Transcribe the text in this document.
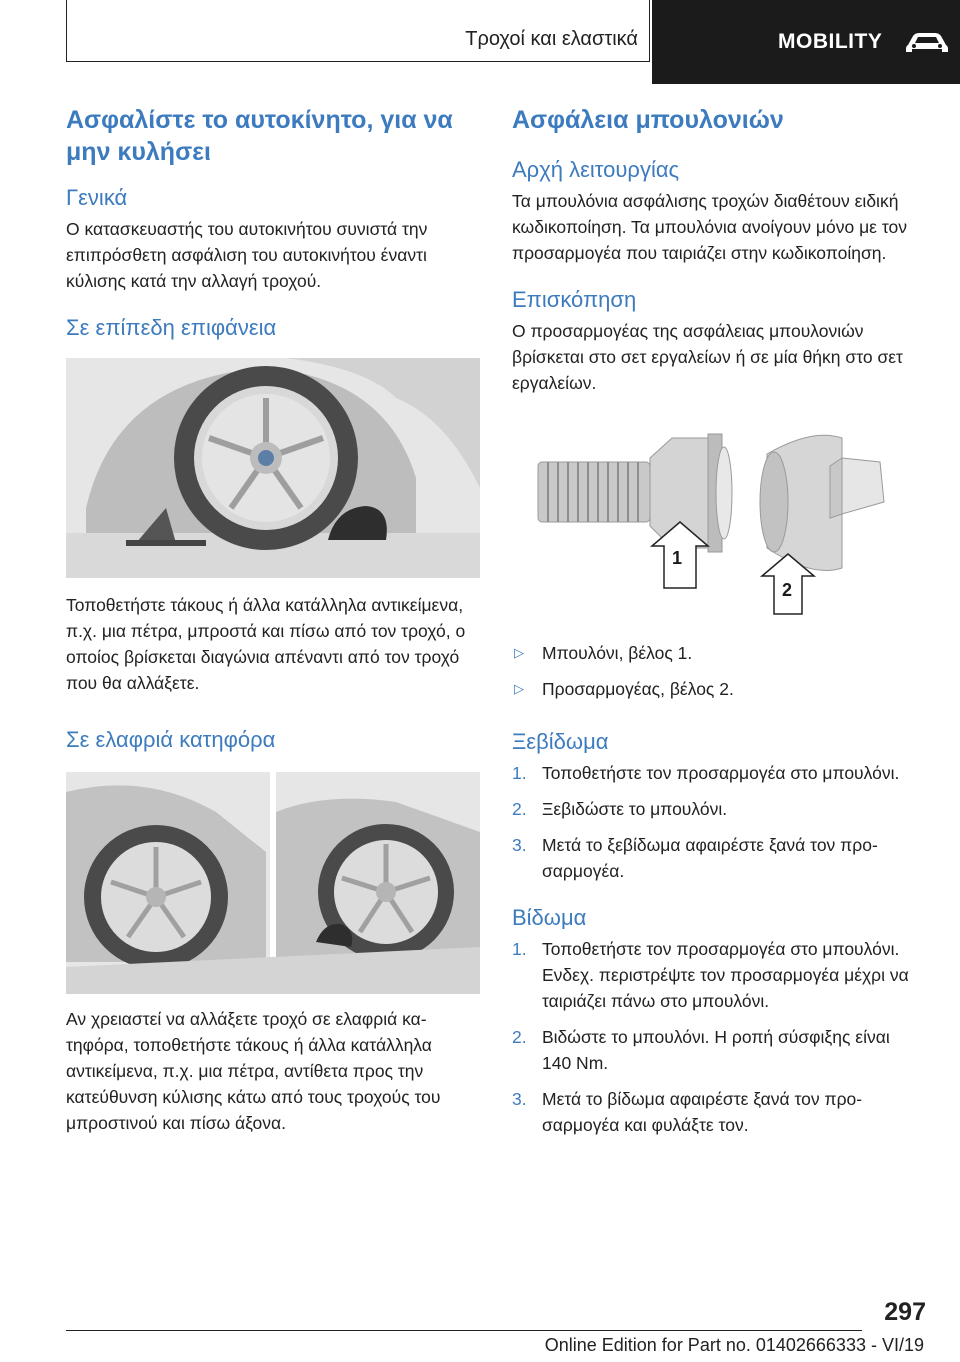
Τροχοί και ελαστικά	MOBILITY
Ασφαλίστε το αυτοκίνητο, για να μην κυλήσει
Γενικά

Ο κατασκευαστής του αυτοκινήτου συνιστά την επιπρόσθετη ασφάλιση του αυτοκινήτου έναντι κύλισης κατά την αλλαγή τροχού.

Σε επίπεδη επιφάνεια

Τοποθετήστε τάκους ή άλλα κατάλληλα αντικείμενα, π.χ. μια πέτρα, μπροστά και πίσω από τον τροχό, ο οποίος βρίσκεται διαγώνια απέναντι από τον τροχό που θα αλλάξετε.

Σε ελαφριά κατηφόρα

Αν χρειαστεί να αλλάξετε τροχό σε ελαφριά κατηφόρα, τοποθετήστε τάκους ή άλλα κατάλληλα αντικείμενα, π.χ. μια πέτρα, αντίθετα προς την κατεύθυνση κύλισης κάτω από τους τροχούς του μπροστινού και πίσω άξονα.

Ασφάλεια μπουλονιών
Αρχή λειτουργίας

Τα μπουλόνια ασφάλισης τροχών διαθέτουν ειδική κωδικοποίηση. Τα μπουλόνια ανοίγουν μόνο με τον προσαρμογέα που ταιριάζει στην κωδικοποίηση.

Επισκόπηση

Ο προσαρμογέας της ασφάλειας μπουλονιών βρίσκεται στο σετ εργαλείων ή σε μία θήκη στο σετ εργαλείων.

1
2
▷ Μπουλόνι, βέλος 1.
▷ Προσαρμογέας, βέλος 2.
Ξεβίδωμα
1. Τοποθετήστε τον προσαρμογέα στο μπουλόνι.
2. Ξεβιδώστε το μπουλόνι.
3. Μετά το ξεβίδωμα αφαιρέστε ξανά τον προσαρμογέα.
Βίδωμα
1. Τοποθετήστε τον προσαρμογέα στο μπουλόνι. Ενδεχ. περιστρέψτε τον προσαρμογέα μέχρι να ταιριάζει πάνω στο μπουλόνι.
2. Βιδώστε το μπουλόνι. Η ροπή σύσφιξης είναι 140 Nm.
3. Μετά το βίδωμα αφαιρέστε ξανά τον προσαρμογέα και φυλάξτε τον.
297
Online Edition for Part no. 01402666333 - VI/19
